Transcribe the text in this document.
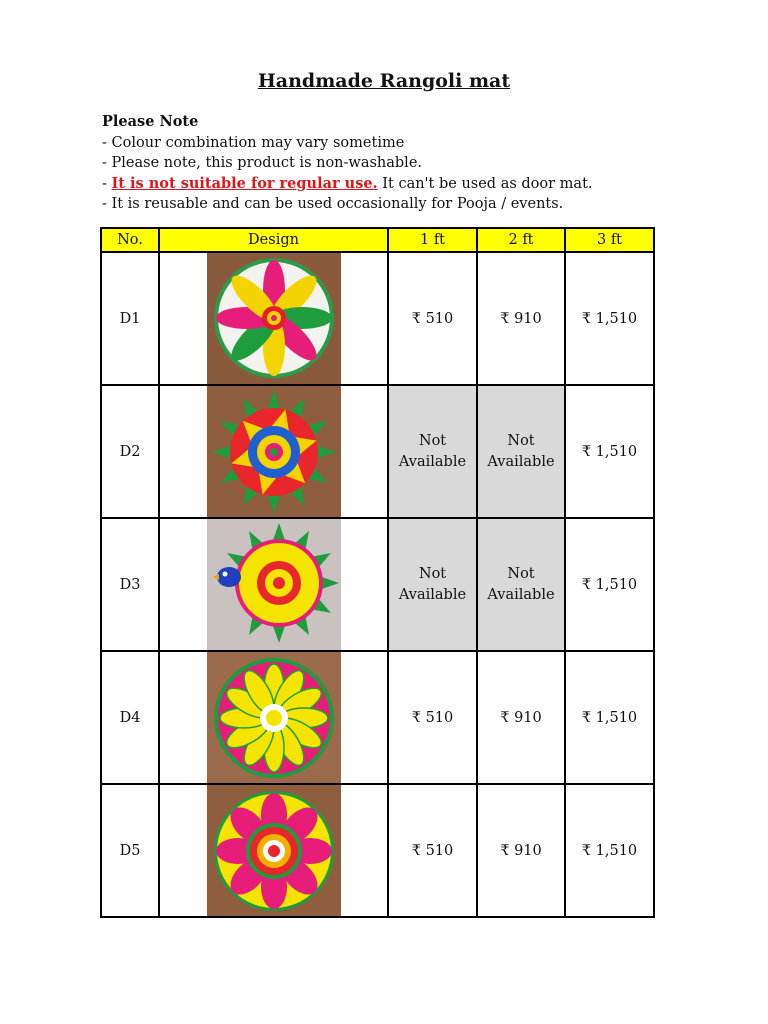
Handmade Rangoli mat
Please Note
- Colour combination may vary sometime
- Please note, this product is non-washable.
- It is not suitable for regular use. It can't be used as door mat.
- It is reusable and can be used occasionally for Pooja / events.
No.	Design	1 ft	2 ft	3 ft
D1		₹ 510	₹ 910	₹ 1,510
D2		Not
Available	Not
Available	₹ 1,510
D3		Not
Available	Not
Available	₹ 1,510
D4		₹ 510	₹ 910	₹ 1,510
D5		₹ 510	₹ 910	₹ 1,510
